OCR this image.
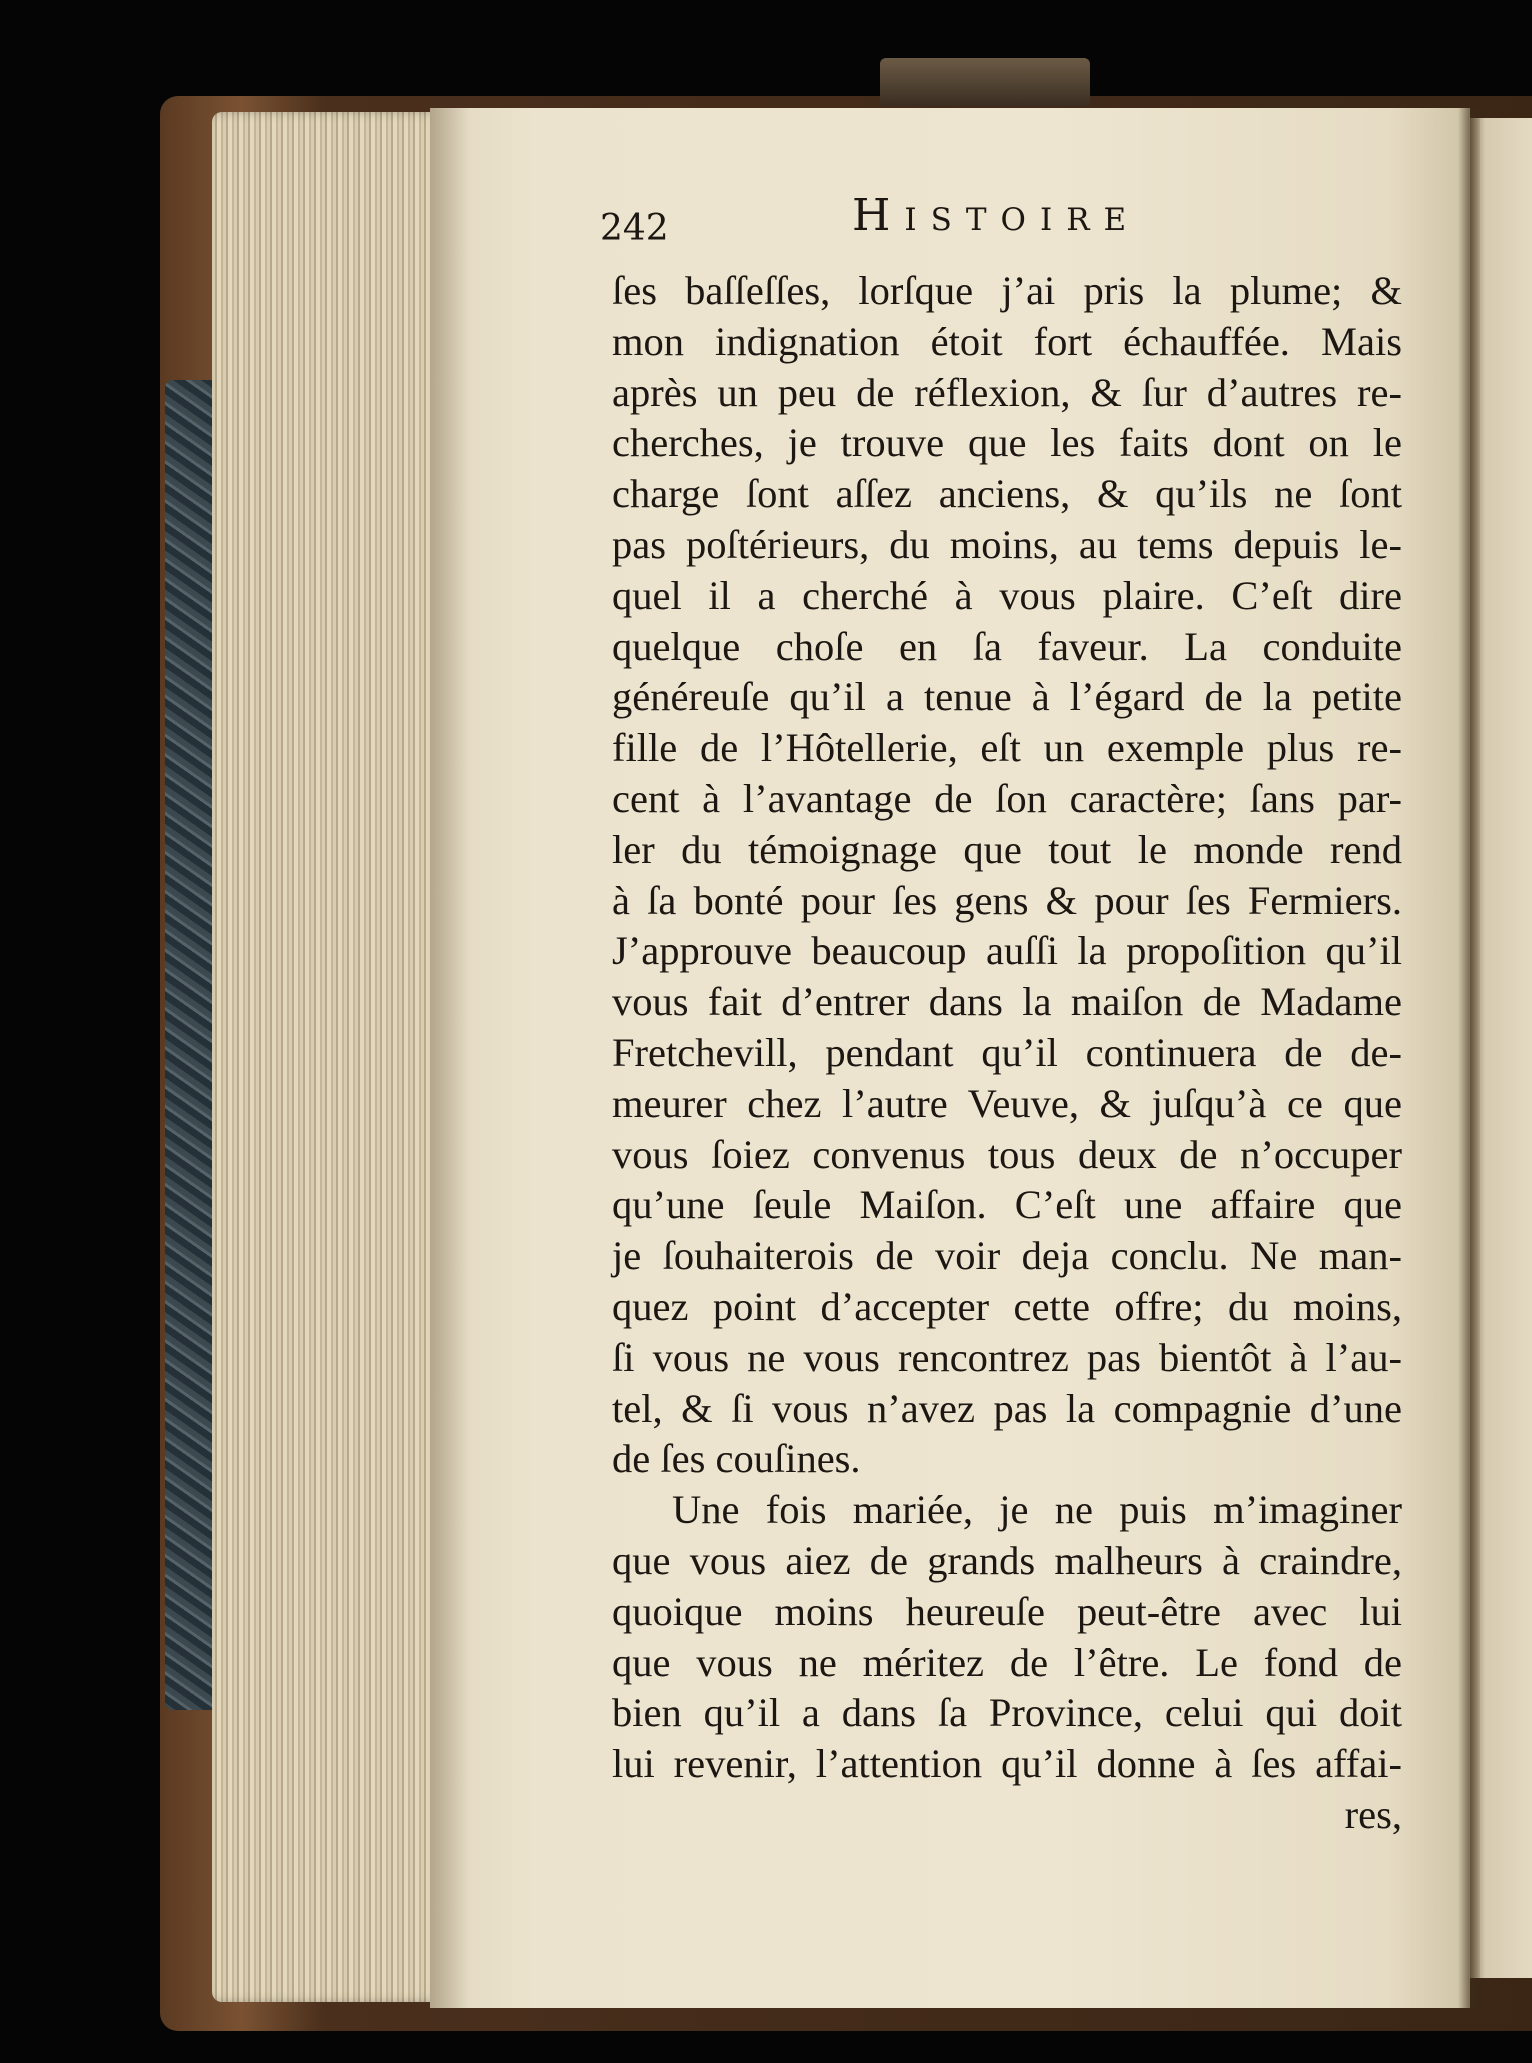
242	Histoire
ſes baſſeſſes, lorſque j’ai pris la plume; &
mon indignation étoit fort échauffée. Mais
après un peu de réflexion, & ſur d’autres re-
cherches, je trouve que les faits dont on le
charge ſont aſſez anciens, & qu’ils ne ſont
pas poſtérieurs, du moins, au tems depuis le-
quel il a cherché à vous plaire. C’eſt dire
quelque choſe en ſa faveur. La conduite
généreuſe qu’il a tenue à l’égard de la petite
fille de l’Hôtellerie, eſt un exemple plus re-
cent à l’avantage de ſon caractère; ſans par-
ler du témoignage que tout le monde rend
à ſa bonté pour ſes gens & pour ſes Fermiers.
J’approuve beaucoup auſſi la propoſition qu’il
vous fait d’entrer dans la maiſon de Madame
Fretchevill, pendant qu’il continuera de de-
meurer chez l’autre Veuve, & juſqu’à ce que
vous ſoiez convenus tous deux de n’occuper
qu’une ſeule Maiſon. C’eſt une affaire que
je ſouhaiterois de voir deja conclu. Ne man-
quez point d’accepter cette offre; du moins,
ſi vous ne vous rencontrez pas bientôt à l’au-
tel, & ſi vous n’avez pas la compagnie d’une
de ſes couſines.
Une fois mariée, je ne puis m’imaginer
que vous aiez de grands malheurs à craindre,
quoique moins heureuſe peut-être avec lui
que vous ne méritez de l’être. Le fond de
bien qu’il a dans ſa Province, celui qui doit
lui revenir, l’attention qu’il donne à ſes affai-
res,
